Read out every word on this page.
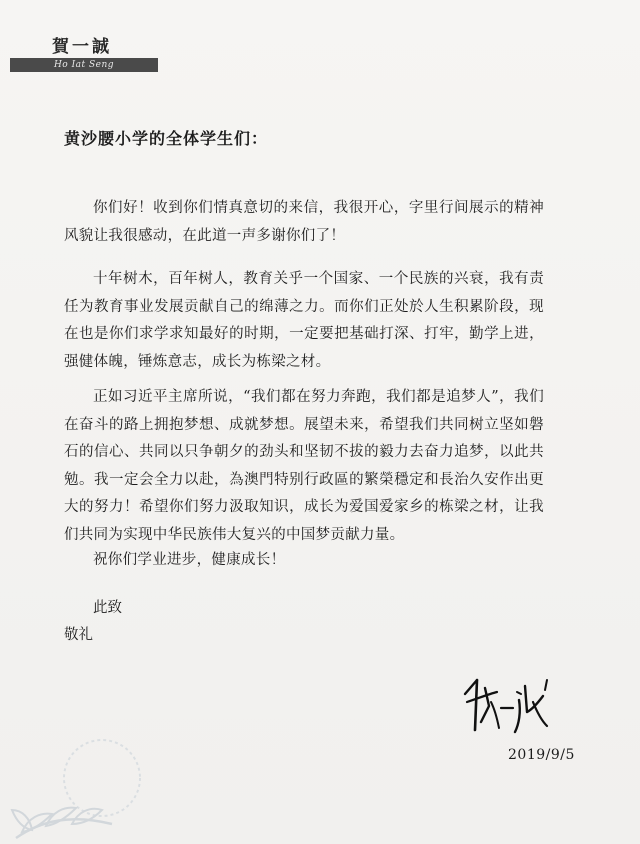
賀一誠
Ho Iat Seng
黄沙腰小学的全体学生们：

你们好！收到你们情真意切的来信，我很开心，字里行间展示的精神风貌让我很感动，在此道一声多谢你们了！

十年树木，百年树人，教育关乎一个国家、一个民族的兴衰，我有责任为教育事业发展贡献自己的绵薄之力。而你们正处於人生积累阶段，现在也是你们求学求知最好的时期，一定要把基础打深、打牢，勤学上进，强健体魄，锤炼意志，成长为栋梁之材。

正如习近平主席所说，“我们都在努力奔跑，我们都是追梦人”，我们在奋斗的路上拥抱梦想、成就梦想。展望未来，希望我们共同树立坚如磐石的信心、共同以只争朝夕的劲头和坚韧不拔的毅力去奋力追梦，以此共勉。我一定会全力以赴，為澳門特别行政區的繁榮穩定和長治久安作出更大的努力！希望你们努力汲取知识，成长为爱国爱家乡的栋梁之材，让我们共同为实现中华民族伟大复兴的中国梦贡献力量。

祝你们学业进步，健康成长！
此致
敬礼
2019/9/5
